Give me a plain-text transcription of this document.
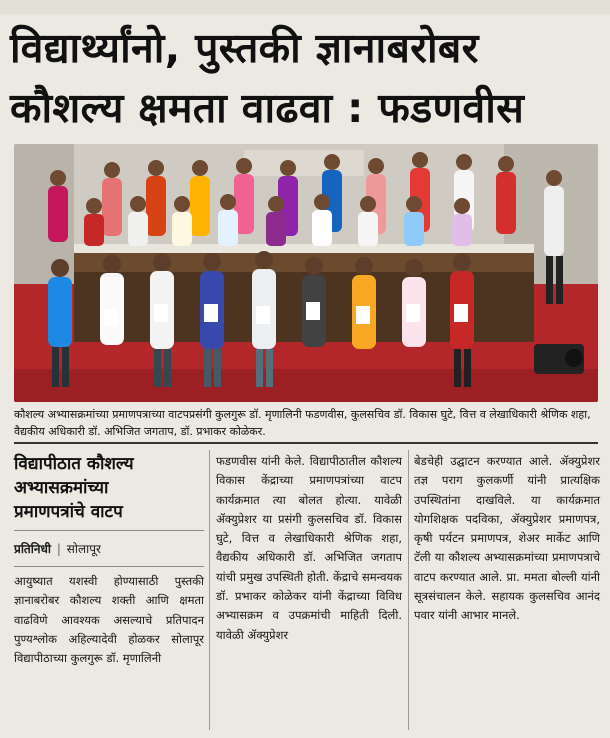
विद्यार्थ्यांनो, पुस्तकी ज्ञानाबरोबर
कौशल्य क्षमता वाढवा : फडणवीस

कौशल्य अभ्यासक्रमांच्या प्रमाणपत्राच्या वाटपप्रसंगी कुलगुरू डॉ. मृणालिनी फडणवीस, कुलसचिव डॉ. विकास घुटे, वित्त व लेखाधिकारी श्रेणिक शहा, वैद्यकीय अधिकारी डॉ. अभिजित जगताप, डॉ. प्रभाकर कोळेकर.

विद्यापीठात कौशल्य
अभ्यासक्रमांच्या
प्रमाणपत्रांचे वाटप
प्रतिनिधी | सोलापूर

आयुष्यात यशस्वी होण्यासाठी पुस्तकी ज्ञानाबरोबर कौशल्य शक्ती आणि क्षमता वाढविणे आवश्यक असल्याचे प्रतिपादन पुण्यश्लोक अहिल्यादेवी होळकर सोलापूर विद्यापीठाच्या कुलगुरू डॉ. मृणालिनी

फडणवीस यांनी केले. विद्यापीठातील कौशल्य विकास केंद्राच्या प्रमाणपत्रांच्या वाटप कार्यक्रमात त्या बोलत होत्या. यावेळी ॲक्युप्रेशर या प्रसंगी कुलसचिव डॉ. विकास घुटे, वित्त व लेखाधिकारी श्रेणिक शहा, वैद्यकीय अधिकारी डॉ. अभिजित जगताप यांची प्रमुख उपस्थिती होती. केंद्राचे समन्वयक डॉ. प्रभाकर कोळेकर यांनी केंद्राच्या विविध अभ्यासक्रम व उपक्रमांची माहिती दिली. यावेळी ॲक्युप्रेशर

बेडचेही उद्घाटन करण्यात आले. ॲक्युप्रेशर तज्ञ पराग कुलकर्णी यांनी प्रात्यक्षिक उपस्थितांना दाखविले. या कार्यक्रमात योगशिक्षक पदविका, ॲक्युप्रेशर प्रमाणपत्र, कृषी पर्यटन प्रमाणपत्र, शेअर मार्केट आणि टॅली या कौशल्य अभ्यासक्रमांच्या प्रमाणपत्राचे वाटप करण्यात आले. प्रा. ममता बोल्ली यांनी सूत्रसंचालन केले. सहायक कुलसचिव आनंद पवार यांनी आभार मानले.
